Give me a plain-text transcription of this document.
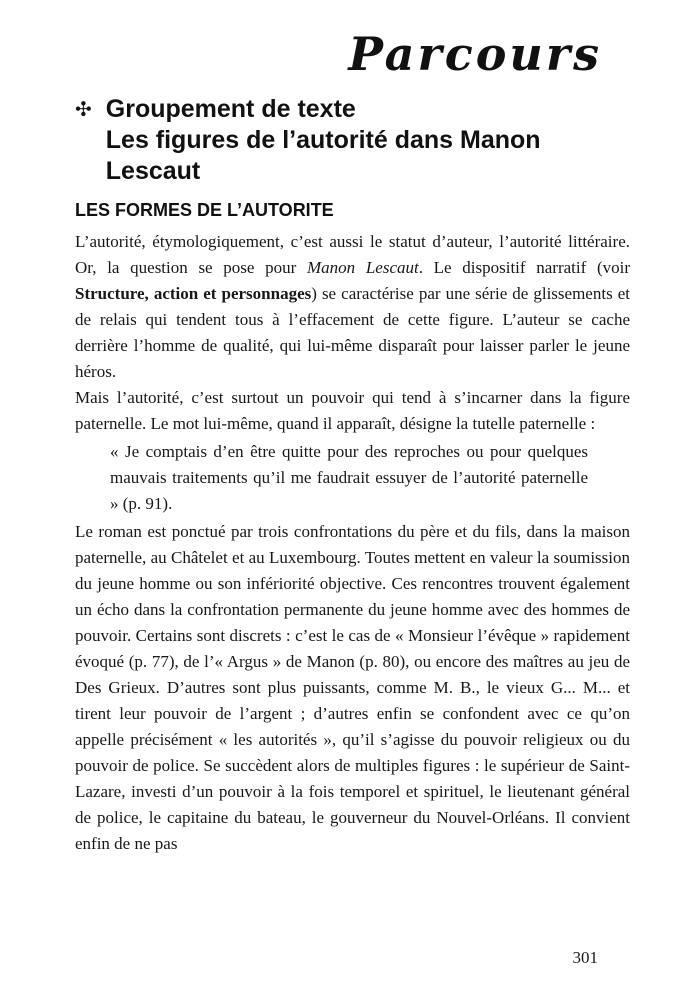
Parcours
✣ Groupement de texte
Les figures de l’autorité dans Manon Lescaut
LES FORMES DE L’AUTORITE

L’autorité, étymologiquement, c’est aussi le statut d’auteur, l’autorité littéraire. Or, la question se pose pour Manon Lescaut. Le dispositif narratif (voir Structure, action et personnages) se caractérise par une série de glissements et de relais qui tendent tous à l’effacement de cette figure. L’auteur se cache derrière l’homme de qualité, qui lui-même disparaît pour laisser parler le jeune héros.

Mais l’autorité, c’est surtout un pouvoir qui tend à s’incarner dans la figure paternelle. Le mot lui-même, quand il apparaît, désigne la tutelle paternelle :

« Je comptais d’en être quitte pour des reproches ou pour quelques mauvais traitements qu’il me faudrait essuyer de l’autorité paternelle » (p. 91).

Le roman est ponctué par trois confrontations du père et du fils, dans la maison paternelle, au Châtelet et au Luxembourg. Toutes mettent en valeur la soumission du jeune homme ou son infériorité objective. Ces rencontres trouvent également un écho dans la confrontation permanente du jeune homme avec des hommes de pouvoir. Certains sont discrets : c’est le cas de « Monsieur l’évêque » rapidement évoqué (p. 77), de l’« Argus » de Manon (p. 80), ou encore des maîtres au jeu de Des Grieux. D’autres sont plus puissants, comme M. B., le vieux G... M... et tirent leur pouvoir de l’argent ; d’autres enfin se confondent avec ce qu’on appelle précisément « les autorités », qu’il s’agisse du pouvoir religieux ou du pouvoir de police. Se succèdent alors de multiples figures : le supérieur de Saint-Lazare, investi d’un pouvoir à la fois temporel et spirituel, le lieutenant général de police, le capitaine du bateau, le gouverneur du Nouvel-Orléans. Il convient enfin de ne pas

301
